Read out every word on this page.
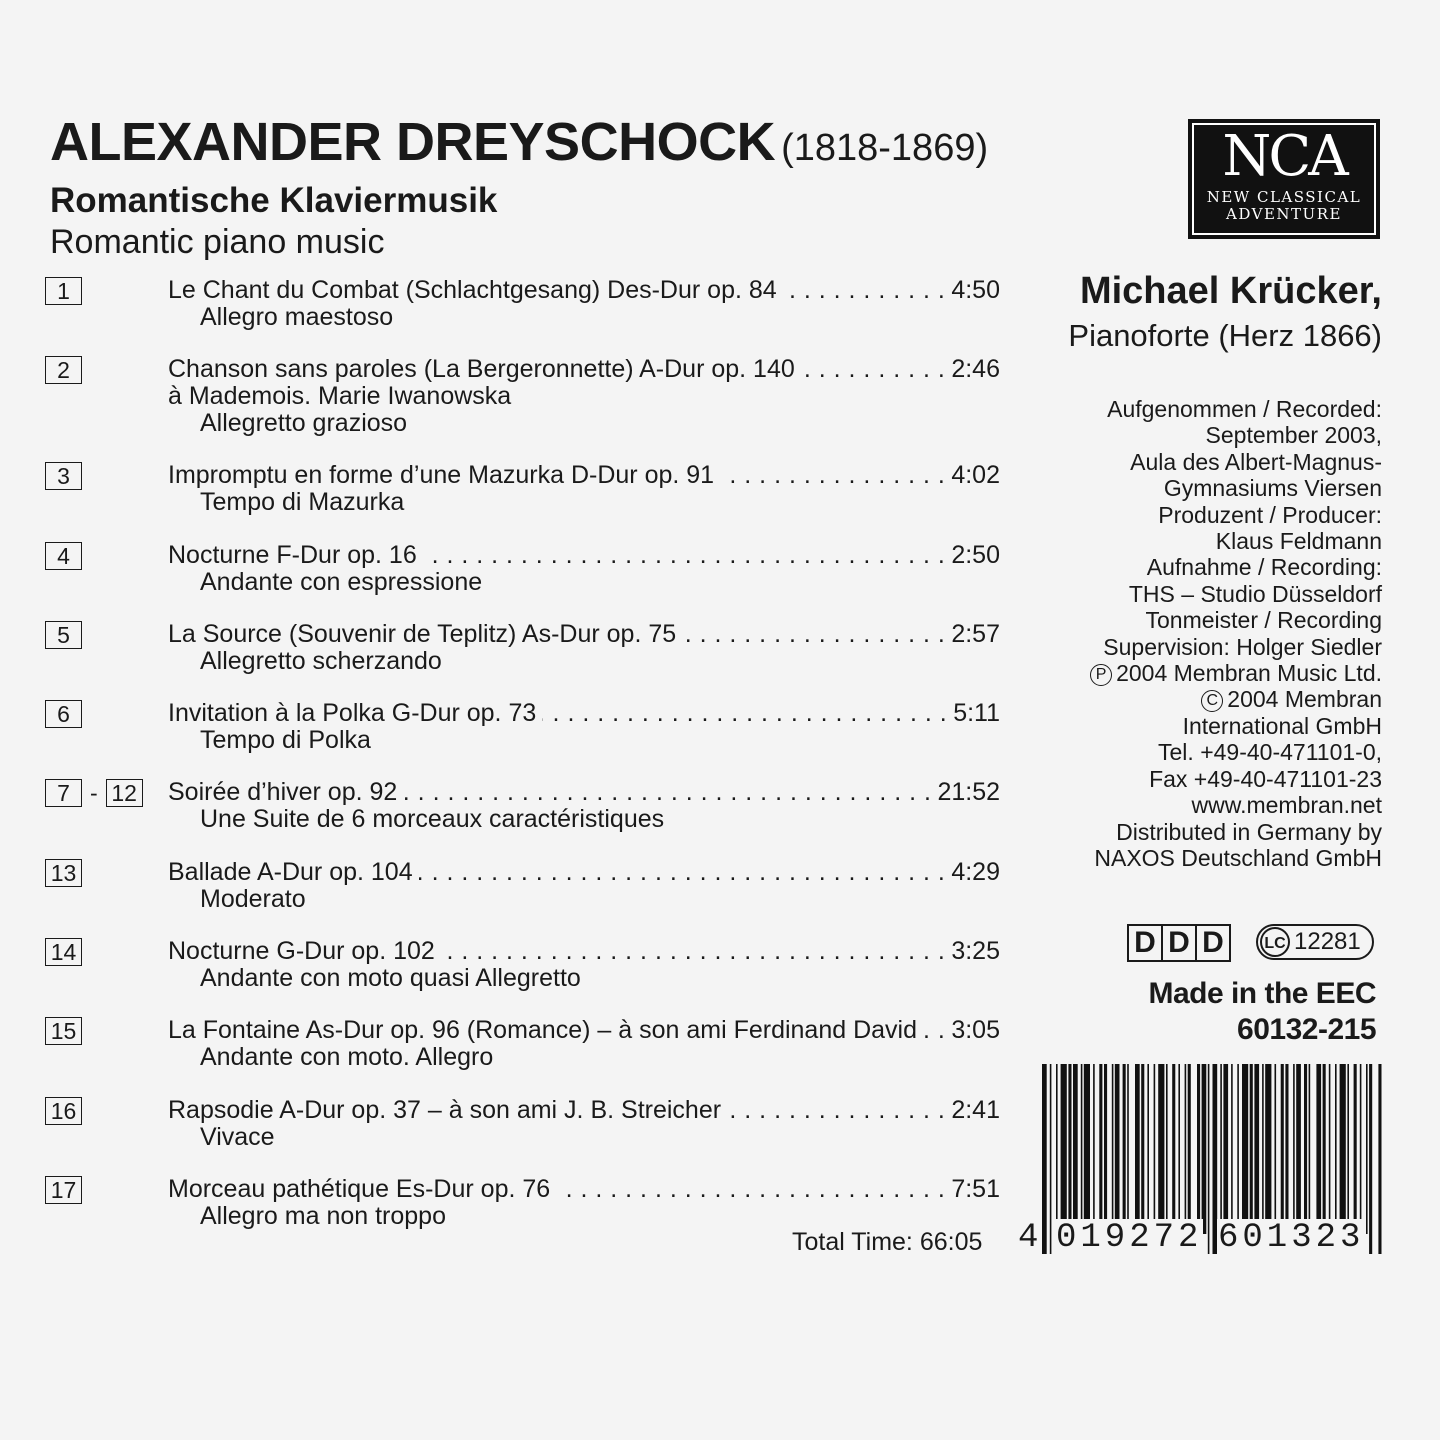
ALEXANDER DREYSCHOCK (1818-1869)
Romantische Klaviermusik
Romantic piano music
1	Le Chant du Combat (Schlachtgesang) Des-Dur op. 84 . . .	4:50
Allegro maestoso
2	Chanson sans paroles (La Bergeronnette) A-Dur op. 140 . . .	2:46
à Mademois. Marie Iwanowska
Allegretto grazioso
3	Impromptu en forme d’une Mazurka D-Dur op. 91 . . .	4:02
Tempo di Mazurka
4	Nocturne F-Dur op. 16 . . .	2:50
Andante con espressione
5	La Source (Souvenir de Teplitz) As-Dur op. 75 . . .	2:57
Allegretto scherzando
6	Invitation à la Polka G-Dur op. 73 . . .	5:11
Tempo di Polka
7 - 12 Soirée d’hiver op. 92 . . .	21:52
Une Suite de 6 morceaux caractéristiques
13	Ballade A-Dur op. 104 . . .	4:29
Moderato
14	Nocturne G-Dur op. 102 . . .	3:25
Andante con moto quasi Allegretto
15	La Fontaine As-Dur op. 96 (Romance) – à son ami Ferdinand David . . . 3:05
Andante con moto. Allegro
16	Rapsodie A-Dur op. 37 – à son ami J. B. Streicher . . .	2:41
Vivace
17	Morceau pathétique Es-Dur op. 76 . . .	7:51
Allegro ma non troppo
Total Time: 66:05
NCA
NEW CLASSICAL
ADVENTURE
Michael Krücker,
Pianoforte (Herz 1866)
Aufgenommen / Recorded:
September 2003,
Aula des Albert-Magnus-
Gymnasiums Viersen
Produzent / Producer:
Klaus Feldmann
Aufnahme / Recording:
THS – Studio Düsseldorf
Tonmeister / Recording
Supervision: Holger Siedler
P 2004 Membran Music Ltd.
C 2004 Membran
International GmbH
Tel. +49-40-471101-0,
Fax +49-40-471101-23
www.membran.net
Distributed in Germany by
NAXOS Deutschland GmbH
D D D	LC 12281
Made in the EEC
60132-215
4 019272 601323
